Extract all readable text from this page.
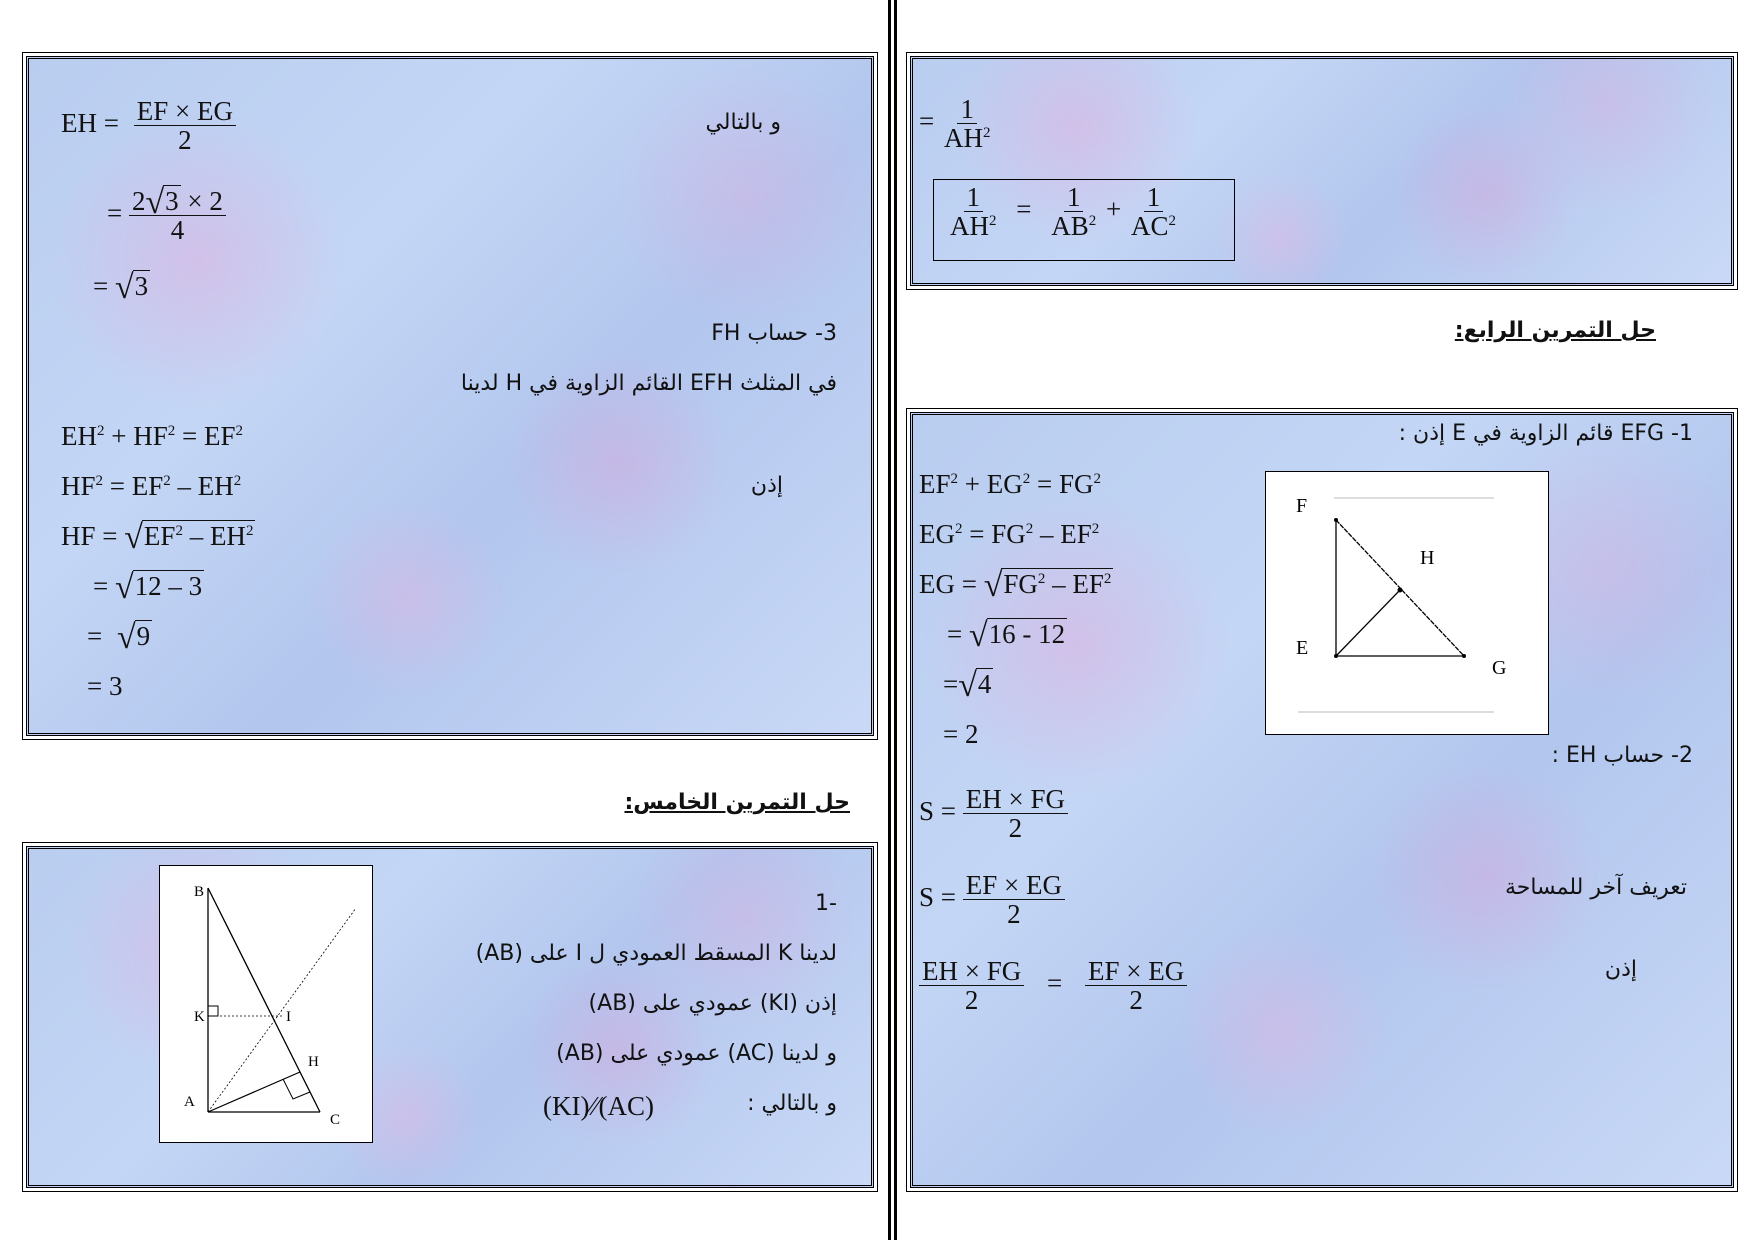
EH = $\frac{EF \times EG}{2}$	و بالتالي
= $\frac{2√3 \times 2}{4}$
= √3
3- حساب FH
في المثلث EFH القائم الزاوية في H لدينا
$EH^2 + HF^2 = EF^2$
$HF^2 = EF^2 - EH^2$	إذن
HF = $√EF^2 - EH^2$
= √12 – 3
= √9
= 3
حل التمرين الخامس:
B
K	I
H
A
C
-1
لدينا K المسقط العمودي ل I على (AB)
إذن (KI) عمودي على (AB)
و لدينا (AC) عمودي على (AB)
و بالتالي :
(KI)⁄⁄(AC)
= $\frac{1}{AH^2}$
$\frac{1}{AH^2} = \frac{1}{AB^2} + \frac{1}{AC^2}$
حل التمرين الرابع:
1- EFG قائم الزاوية في E إذن :
$EF^2 + EG^2 = FG^2$
$EG^2 = FG^2 - EF^2$
EG = $√FG^2 - EF^2$
= √16 - 12
=√4
= 2
F
H
E
G
2- حساب EH :
$S = \frac{EH \times FG}{2}$
$S = \frac{EF \times EG}{2}$	تعريف آخر للمساحة
$\frac{EH \times FG}{2} = \frac{EF \times EG}{2}$	إذن
